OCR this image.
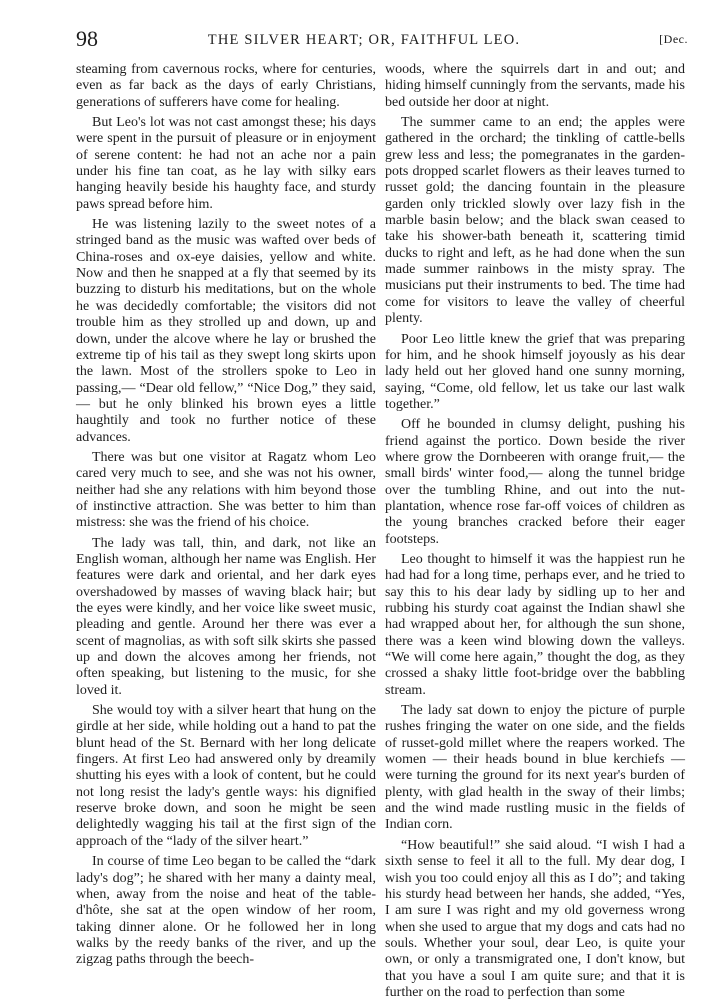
98	THE SILVER HEART; OR, FAITHFUL LEO.	[Dec.

steaming from cavernous rocks, where for centuries, even as far back as the days of early Christians, generations of sufferers have come for healing.

But Leo's lot was not cast amongst these; his days were spent in the pursuit of pleasure or in enjoyment of serene content: he had not an ache nor a pain under his fine tan coat, as he lay with silky ears hanging heavily beside his haughty face, and sturdy paws spread before him.

He was listening lazily to the sweet notes of a stringed band as the music was wafted over beds of China-roses and ox-eye daisies, yellow and white. Now and then he snapped at a fly that seemed by its buzzing to disturb his meditations, but on the whole he was decidedly comfortable; the visitors did not trouble him as they strolled up and down, up and down, under the alcove where he lay or brushed the extreme tip of his tail as they swept long skirts upon the lawn. Most of the strollers spoke to Leo in passing,— “Dear old fellow,” “Nice Dog,” they said,— but he only blinked his brown eyes a little haughtily and took no further notice of these advances.

There was but one visitor at Ragatz whom Leo cared very much to see, and she was not his owner, neither had she any relations with him beyond those of instinctive attraction. She was better to him than mistress: she was the friend of his choice.

The lady was tall, thin, and dark, not like an English woman, although her name was English. Her features were dark and oriental, and her dark eyes overshadowed by masses of waving black hair; but the eyes were kindly, and her voice like sweet music, pleading and gentle. Around her there was ever a scent of magnolias, as with soft silk skirts she passed up and down the alcoves among her friends, not often speaking, but listening to the music, for she loved it.

She would toy with a silver heart that hung on the girdle at her side, while holding out a hand to pat the blunt head of the St. Bernard with her long delicate fingers. At first Leo had answered only by dreamily shutting his eyes with a look of content, but he could not long resist the lady's gentle ways: his dignified reserve broke down, and soon he might be seen delightedly wagging his tail at the first sign of the approach of the “lady of the silver heart.”

In course of time Leo began to be called the “dark lady's dog”; he shared with her many a dainty meal, when, away from the noise and heat of the table-d'hôte, she sat at the open window of her room, taking dinner alone. Or he followed her in long walks by the reedy banks of the river, and up the zigzag paths through the beech-

woods, where the squirrels dart in and out; and hiding himself cunningly from the servants, made his bed outside her door at night.

The summer came to an end; the apples were gathered in the orchard; the tinkling of cattle-bells grew less and less; the pomegranates in the garden-pots dropped scarlet flowers as their leaves turned to russet gold; the dancing fountain in the pleasure garden only trickled slowly over lazy fish in the marble basin below; and the black swan ceased to take his shower-bath beneath it, scattering timid ducks to right and left, as he had done when the sun made summer rainbows in the misty spray. The musicians put their instruments to bed. The time had come for visitors to leave the valley of cheerful plenty.

Poor Leo little knew the grief that was preparing for him, and he shook himself joyously as his dear lady held out her gloved hand one sunny morning, saying, “Come, old fellow, let us take our last walk together.”

Off he bounded in clumsy delight, pushing his friend against the portico. Down beside the river where grow the Dornbeeren with orange fruit,— the small birds' winter food,— along the tunnel bridge over the tumbling Rhine, and out into the nut-plantation, whence rose far-off voices of children as the young branches cracked before their eager footsteps.

Leo thought to himself it was the happiest run he had had for a long time, perhaps ever, and he tried to say this to his dear lady by sidling up to her and rubbing his sturdy coat against the Indian shawl she had wrapped about her, for although the sun shone, there was a keen wind blowing down the valleys. “We will come here again,” thought the dog, as they crossed a shaky little foot-bridge over the babbling stream.

The lady sat down to enjoy the picture of purple rushes fringing the water on one side, and the fields of russet-gold millet where the reapers worked. The women — their heads bound in blue kerchiefs — were turning the ground for its next year's burden of plenty, with glad health in the sway of their limbs; and the wind made rustling music in the fields of Indian corn.

“How beautiful!” she said aloud. “I wish I had a sixth sense to feel it all to the full. My dear dog, I wish you too could enjoy all this as I do”; and taking his sturdy head between her hands, she added, “Yes, I am sure I was right and my old governess wrong when she used to argue that my dogs and cats had no souls. Whether your soul, dear Leo, is quite your own, or only a transmigrated one, I don't know, but that you have a soul I am quite sure; and that it is further on the road to perfection than some
